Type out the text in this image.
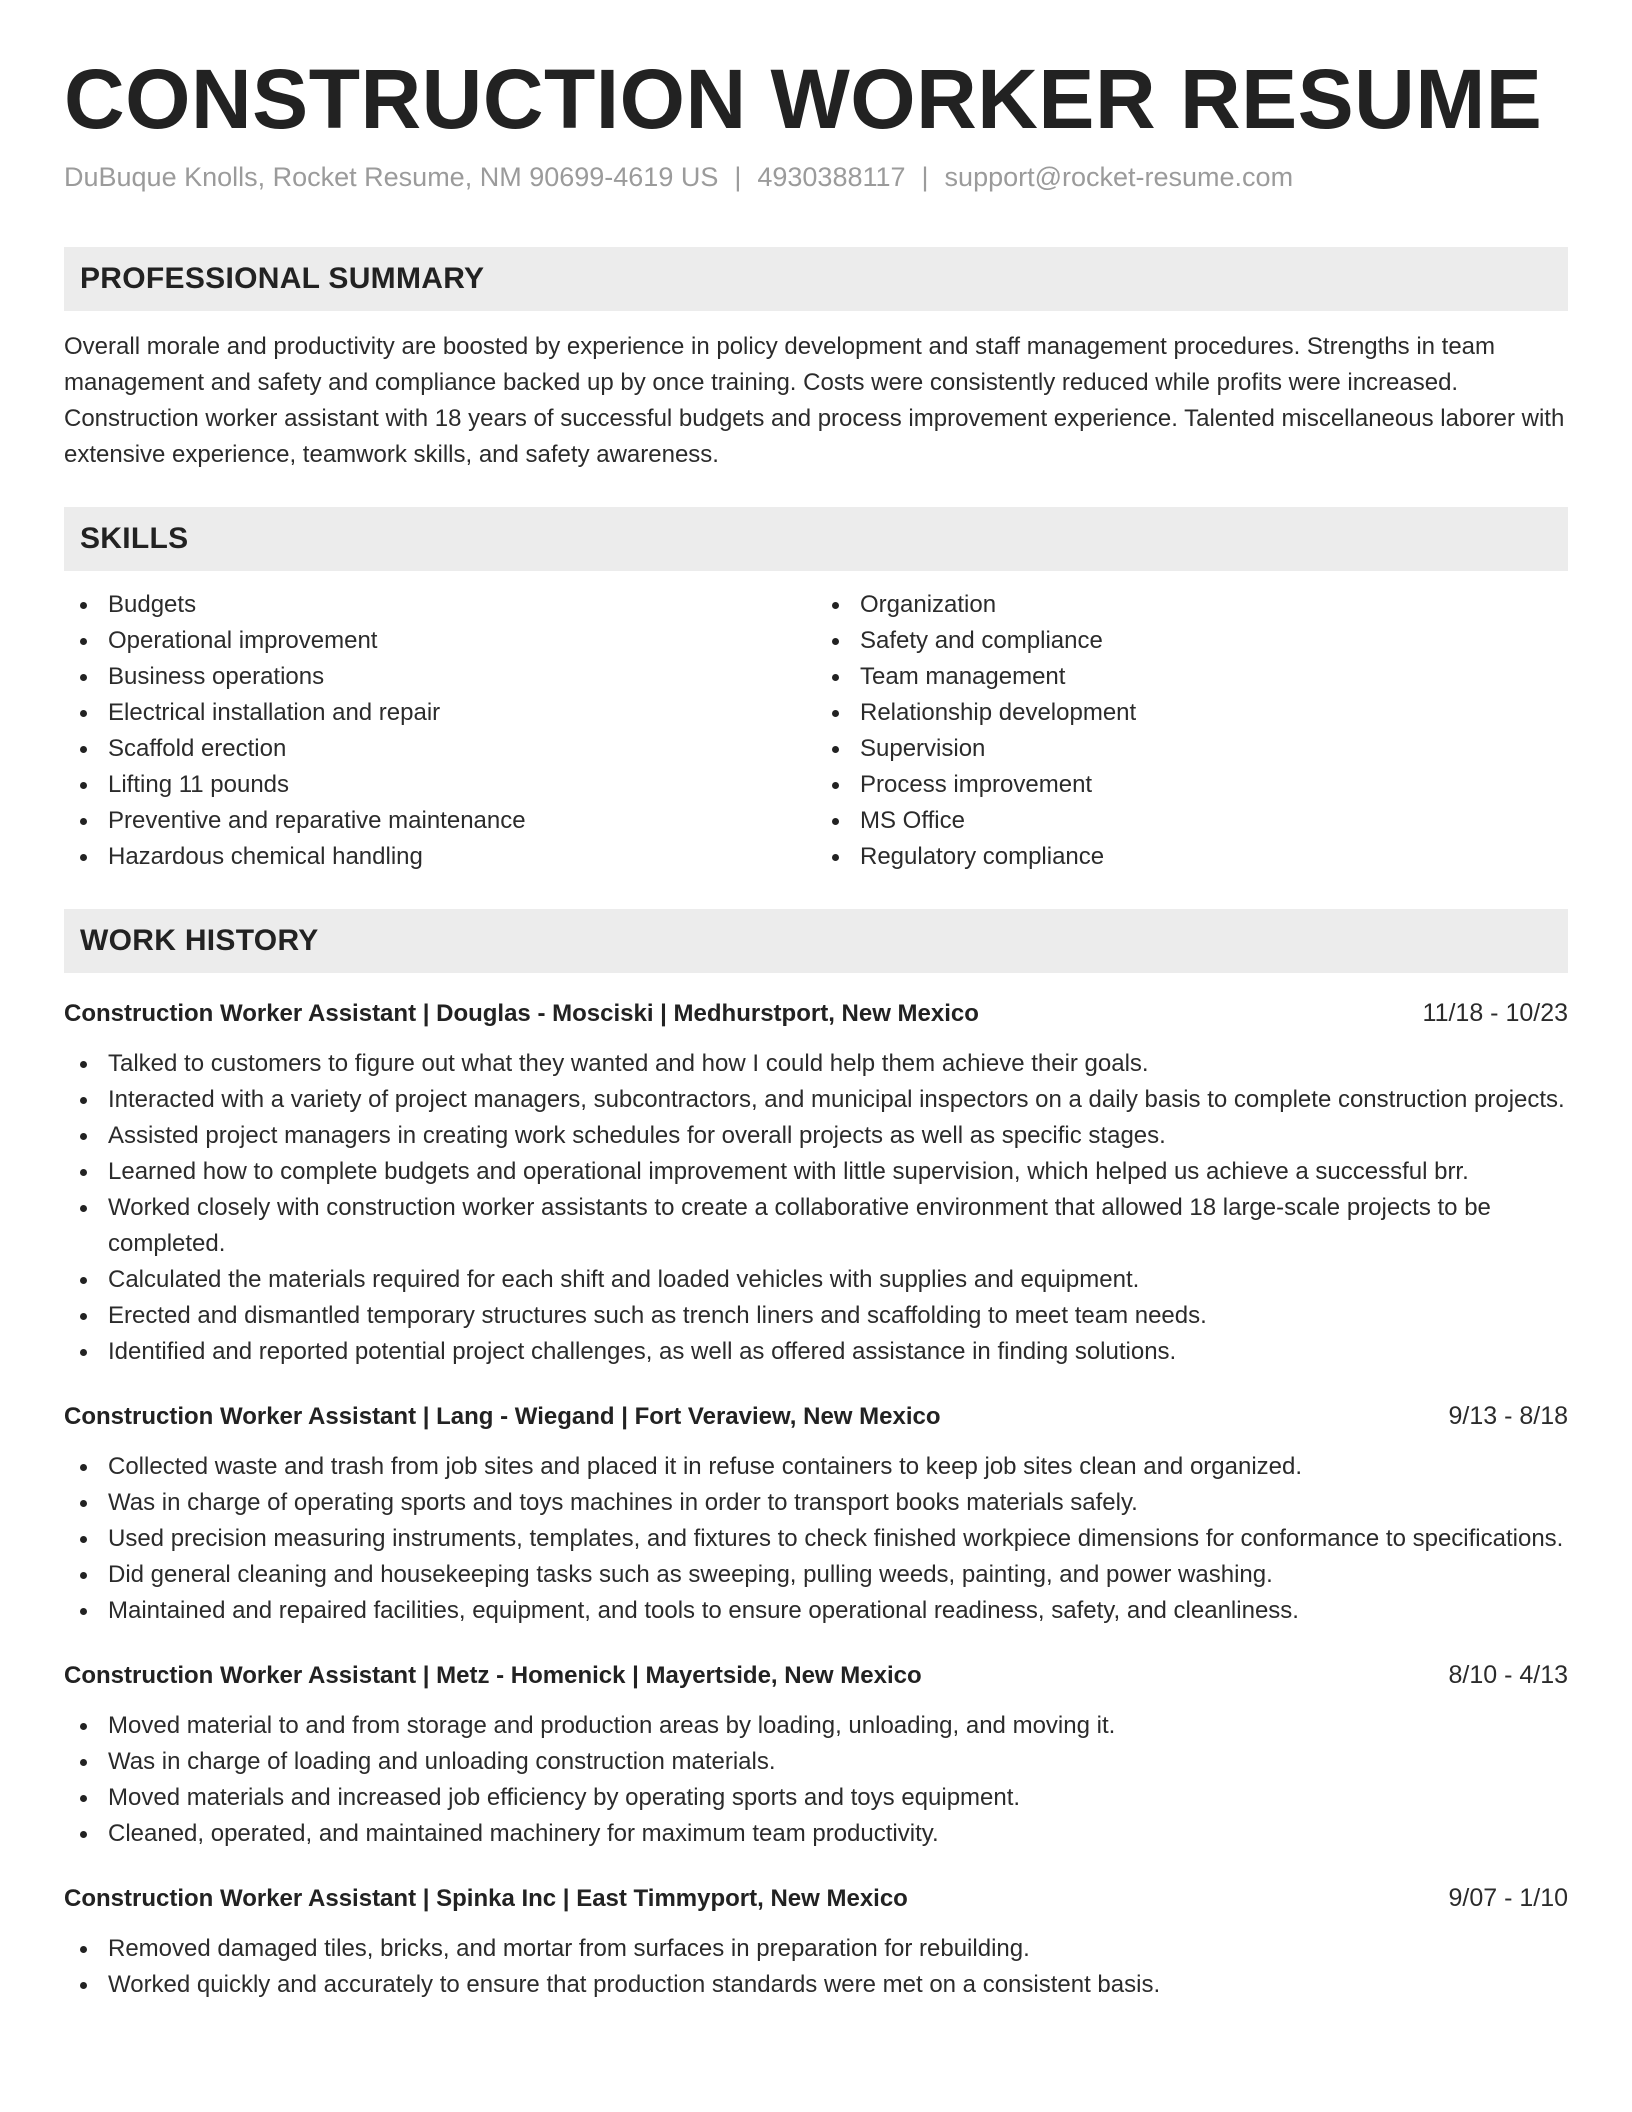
CONSTRUCTION WORKER RESUME
DuBuque Knolls, Rocket Resume, NM 90699-4619 US | 4930388117 | support@rocket-resume.com
PROFESSIONAL SUMMARY

Overall morale and productivity are boosted by experience in policy development and staff management procedures. Strengths in team management and safety and compliance backed up by once training. Costs were consistently reduced while profits were increased. Construction worker assistant with 18 years of successful budgets and process improvement experience. Talented miscellaneous laborer with extensive experience, teamwork skills, and safety awareness.

SKILLS
Budgets
Operational improvement
Business operations
Electrical installation and repair
Scaffold erection
Lifting 11 pounds
Preventive and reparative maintenance
Hazardous chemical handling
Organization
Safety and compliance
Team management
Relationship development
Supervision
Process improvement
MS Office
Regulatory compliance
WORK HISTORY
Construction Worker Assistant | Douglas - Mosciski | Medhurstport, New Mexico	11/18 - 10/23
Talked to customers to figure out what they wanted and how I could help them achieve their goals.
Interacted with a variety of project managers, subcontractors, and municipal inspectors on a daily basis to complete construction projects.
Assisted project managers in creating work schedules for overall projects as well as specific stages.
Learned how to complete budgets and operational improvement with little supervision, which helped us achieve a successful brr.
Worked closely with construction worker assistants to create a collaborative environment that allowed 18 large-scale projects to be completed.
Calculated the materials required for each shift and loaded vehicles with supplies and equipment.
Erected and dismantled temporary structures such as trench liners and scaffolding to meet team needs.
Identified and reported potential project challenges, as well as offered assistance in finding solutions.
Construction Worker Assistant | Lang - Wiegand | Fort Veraview, New Mexico	9/13 - 8/18
Collected waste and trash from job sites and placed it in refuse containers to keep job sites clean and organized.
Was in charge of operating sports and toys machines in order to transport books materials safely.
Used precision measuring instruments, templates, and fixtures to check finished workpiece dimensions for conformance to specifications.
Did general cleaning and housekeeping tasks such as sweeping, pulling weeds, painting, and power washing.
Maintained and repaired facilities, equipment, and tools to ensure operational readiness, safety, and cleanliness.
Construction Worker Assistant | Metz - Homenick | Mayertside, New Mexico	8/10 - 4/13
Moved material to and from storage and production areas by loading, unloading, and moving it.
Was in charge of loading and unloading construction materials.
Moved materials and increased job efficiency by operating sports and toys equipment.
Cleaned, operated, and maintained machinery for maximum team productivity.
Construction Worker Assistant | Spinka Inc | East Timmyport, New Mexico	9/07 - 1/10
Removed damaged tiles, bricks, and mortar from surfaces in preparation for rebuilding.
Worked quickly and accurately to ensure that production standards were met on a consistent basis.
